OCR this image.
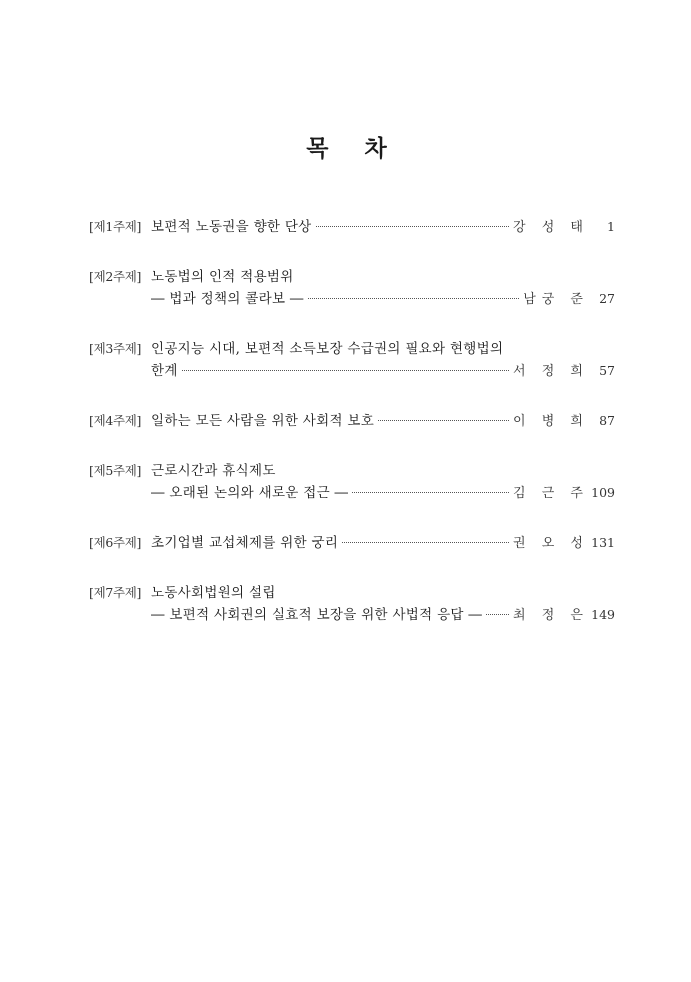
목 차
[제1주제] 보편적 노동권을 향한 단상	강 성 태	1
[제2주제] 노동법의 인적 적용범위
― 법과 정책의 콜라보 ―	남궁 준 27
[제3주제] 인공지능 시대, 보편적 소득보장 수급권의 필요와 현행법의
한계	서 정 희 57
[제4주제] 일하는 모든 사람을 위한 사회적 보호	이 병 희 87
[제5주제] 근로시간과 휴식제도
― 오래된 논의와 새로운 접근 ―	김 근 주 109
[제6주제] 초기업별 교섭체제를 위한 궁리	권 오 성 131
[제7주제] 노동사회법원의 설립
― 보편적 사회권의 실효적 보장을 위한 사법적 응답 ― 최 정 은 149
